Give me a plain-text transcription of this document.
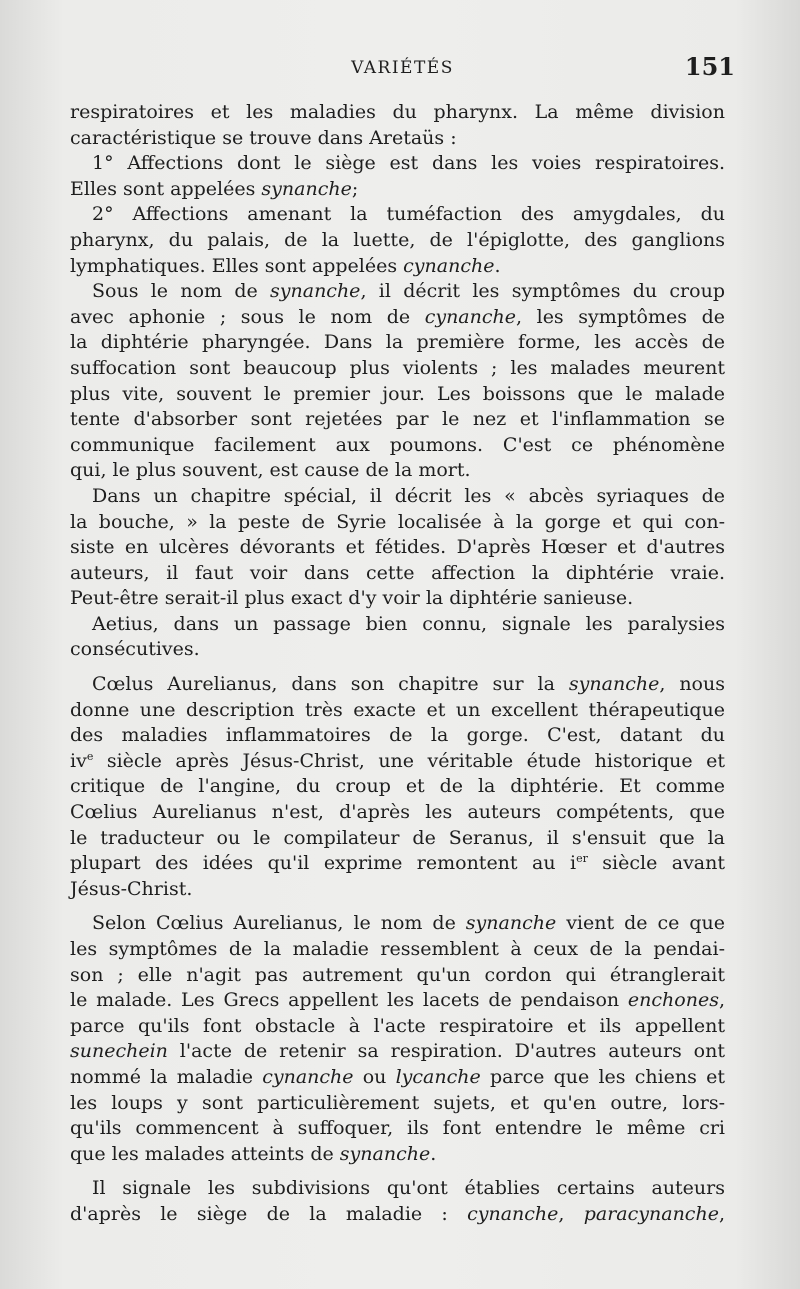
VARIÉTÉS	151
respiratoires et les maladies du pharynx. La même division
caractéristique se trouve dans Aretaüs :
1° Affections dont le siège est dans les voies respiratoires.
Elles sont appelées synanche;
2° Affections amenant la tuméfaction des amygdales, du
pharynx, du palais, de la luette, de l'épiglotte, des ganglions
lymphatiques. Elles sont appelées cynanche.
Sous le nom de synanche, il décrit les symptômes du croup
avec aphonie ; sous le nom de cynanche, les symptômes de
la diphtérie pharyngée. Dans la première forme, les accès de
suffocation sont beaucoup plus violents ; les malades meurent
plus vite, souvent le premier jour. Les boissons que le malade
tente d'absorber sont rejetées par le nez et l'inflammation se
communique facilement aux poumons. C'est ce phénomène
qui, le plus souvent, est cause de la mort.
Dans un chapitre spécial, il décrit les « abcès syriaques de
la bouche, » la peste de Syrie localisée à la gorge et qui con-
siste en ulcères dévorants et fétides. D'après Hœser et d'autres
auteurs, il faut voir dans cette affection la diphtérie vraie.
Peut-être serait-il plus exact d'y voir la diphtérie sanieuse.
Aetius, dans un passage bien connu, signale les paralysies
consécutives.
Cœlus Aurelianus, dans son chapitre sur la synanche, nous
donne une description très exacte et un excellent thérapeutique
des maladies inflammatoires de la gorge. C'est, datant du
$iv^e$ siècle après Jésus-Christ, une véritable étude historique et
critique de l'angine, du croup et de la diphtérie. Et comme
Cœlius Aurelianus n'est, d'après les auteurs compétents, que
le traducteur ou le compilateur de Seranus, il s'ensuit que la
plupart des idées qu'il exprime remontent au $i^{er}$ siècle avant
Jésus-Christ.
Selon Cœlius Aurelianus, le nom de synanche vient de ce que
les symptômes de la maladie ressemblent à ceux de la pendai-
son ; elle n'agit pas autrement qu'un cordon qui étranglerait
le malade. Les Grecs appellent les lacets de pendaison enchones,
parce qu'ils font obstacle à l'acte respiratoire et ils appellent
sunechein l'acte de retenir sa respiration. D'autres auteurs ont
nommé la maladie cynanche ou lycanche parce que les chiens et
les loups y sont particulièrement sujets, et qu'en outre, lors-
qu'ils commencent à suffoquer, ils font entendre le même cri
que les malades atteints de synanche.
Il signale les subdivisions qu'ont établies certains auteurs
d'après le siège de la maladie : cynanche, paracynanche,
